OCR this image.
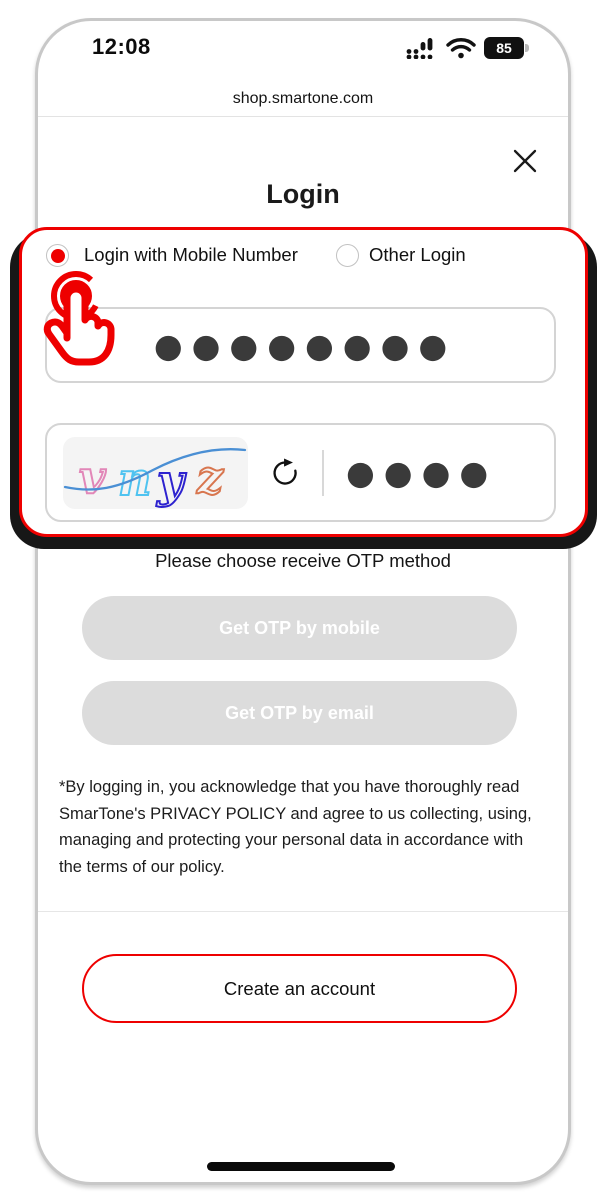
12:08	85
shop.smartone.com
Login
Login with Mobile Number	Other Login
●●●●●●●●
v n y z	●●●●
Please choose receive OTP method
Get OTP by mobile
Get OTP by email
*By logging in, you acknowledge that you have thoroughly read SmarTone's PRIVACY POLICY and agree to us collecting, using, managing and protecting your personal data in accordance with the terms of our policy.
Create an account
